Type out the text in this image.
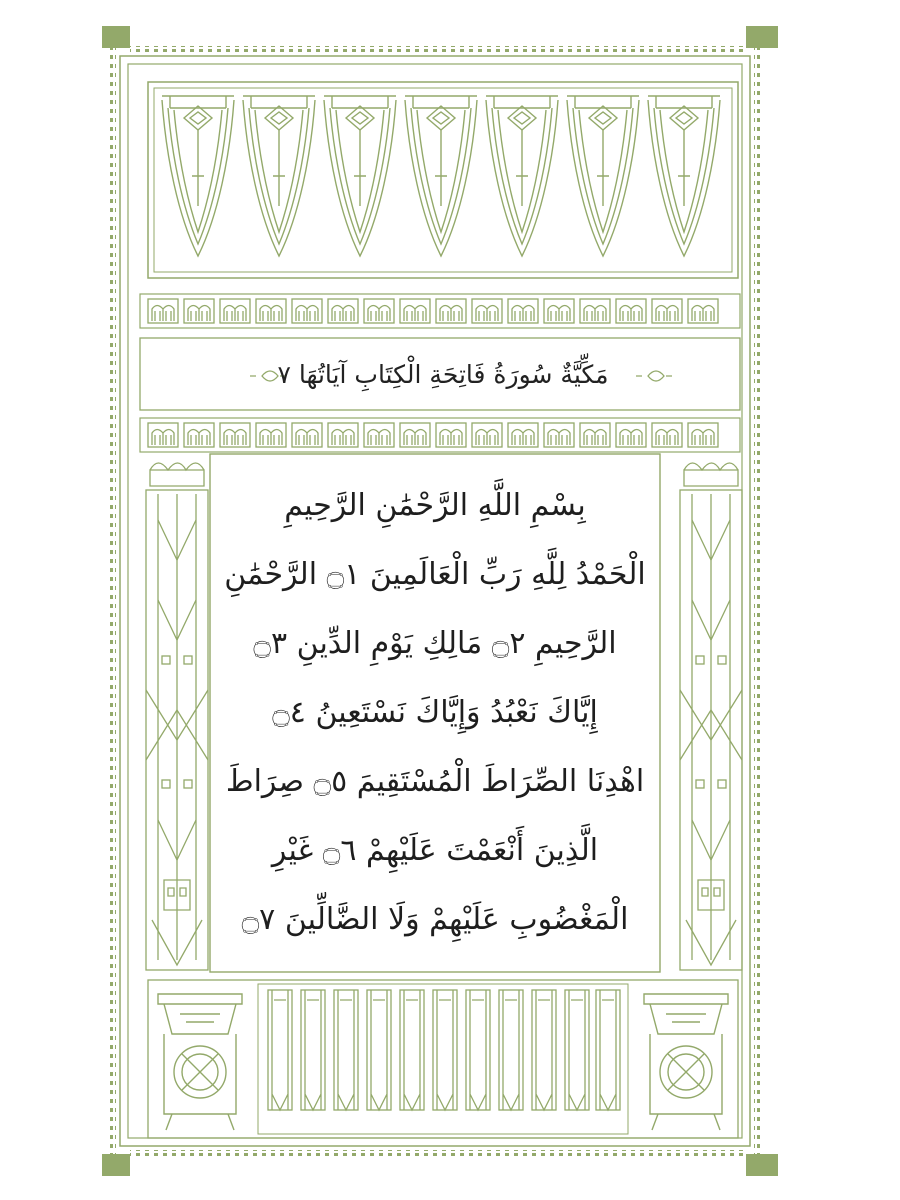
مَكِّيَّةٌ سُورَةُ فَاتِحَةِ الْكِتَابِ آيَاتُهَا ٧
بِسْمِ اللَّهِ الرَّحْمَٰنِ الرَّحِيمِ
الْحَمْدُ لِلَّهِ رَبِّ الْعَالَمِينَ ۝١ الرَّحْمَٰنِ
الرَّحِيمِ ۝٢ مَالِكِ يَوْمِ الدِّينِ ۝٣
إِيَّاكَ نَعْبُدُ وَإِيَّاكَ نَسْتَعِينُ ۝٤
اهْدِنَا الصِّرَاطَ الْمُسْتَقِيمَ ۝٥ صِرَاطَ
الَّذِينَ أَنْعَمْتَ عَلَيْهِمْ ۝٦ غَيْرِ
الْمَغْضُوبِ عَلَيْهِمْ وَلَا الضَّالِّينَ ۝٧
